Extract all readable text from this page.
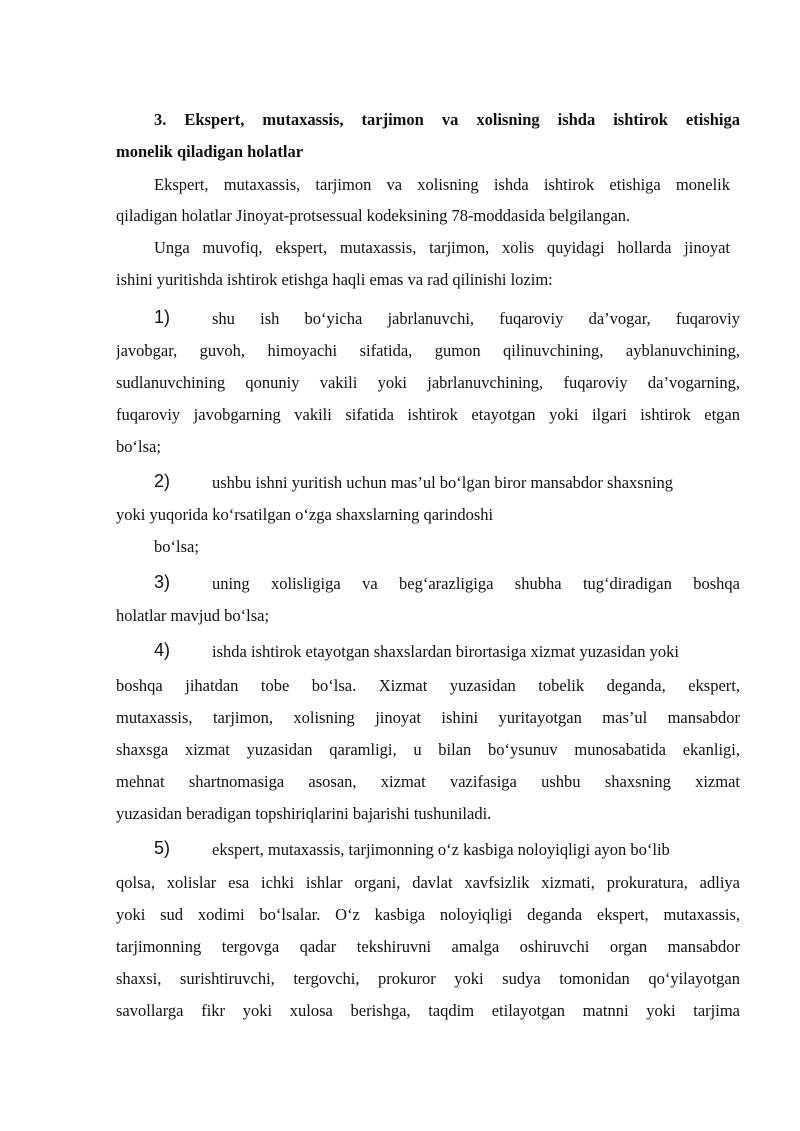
3. Ekspert, mutaxassis, tarjimon va xolisning ishda ishtirok etishiga
monelik qiladigan holatlar
Ekspert, mutaxassis, tarjimon va xolisning ishda ishtirok etishiga monelik
qiladigan holatlar Jinoyat-protsessual kodeksining 78-moddasida belgilangan.
Unga muvofiq, ekspert, mutaxassis, tarjimon, xolis quyidagi hollarda jinoyat
ishini yuritishda ishtirok etishga haqli emas va rad qilinishi lozim:
1)	shu ish bo‘yicha jabrlanuvchi, fuqaroviy da’vogar, fuqaroviy
javobgar, guvoh, himoyachi sifatida, gumon qilinuvchining, ayblanuvchining,
sudlanuvchining qonuniy vakili yoki jabrlanuvchining, fuqaroviy da’vogarning,
fuqaroviy javobgarning vakili sifatida ishtirok etayotgan yoki ilgari ishtirok etgan
bo‘lsa;
2)	ushbu ishni yuritish uchun mas’ul bo‘lgan biror mansabdor shaxsning
yoki yuqorida ko‘rsatilgan o‘zga shaxslarning qarindoshi
bo‘lsa;
3)	uning xolisligiga va beg‘arazligiga shubha tug‘diradigan boshqa
holatlar mavjud bo‘lsa;
4)	ishda ishtirok etayotgan shaxslardan birortasiga xizmat yuzasidan yoki
boshqa jihatdan tobe bo‘lsa. Xizmat yuzasidan tobelik deganda, ekspert,
mutaxassis, tarjimon, xolisning jinoyat ishini yuritayotgan mas’ul mansabdor
shaxsga xizmat yuzasidan qaramligi, u bilan bo‘ysunuv munosabatida ekanligi,
mehnat shartnomasiga asosan, xizmat vazifasiga ushbu shaxsning xizmat
yuzasidan beradigan topshiriqlarini bajarishi tushuniladi.
5)	ekspert, mutaxassis, tarjimonning o‘z kasbiga noloyiqligi ayon bo‘lib
qolsa, xolislar esa ichki ishlar organi, davlat xavfsizlik xizmati, prokuratura, adliya
yoki sud xodimi bo‘lsalar. O‘z kasbiga noloyiqligi deganda ekspert, mutaxassis,
tarjimonning tergovga qadar tekshiruvni amalga oshiruvchi organ mansabdor
shaxsi, surishtiruvchi, tergovchi, prokuror yoki sudya tomonidan qo‘yilayotgan
savollarga fikr yoki xulosa berishga, taqdim etilayotgan matnni yoki tarjima
